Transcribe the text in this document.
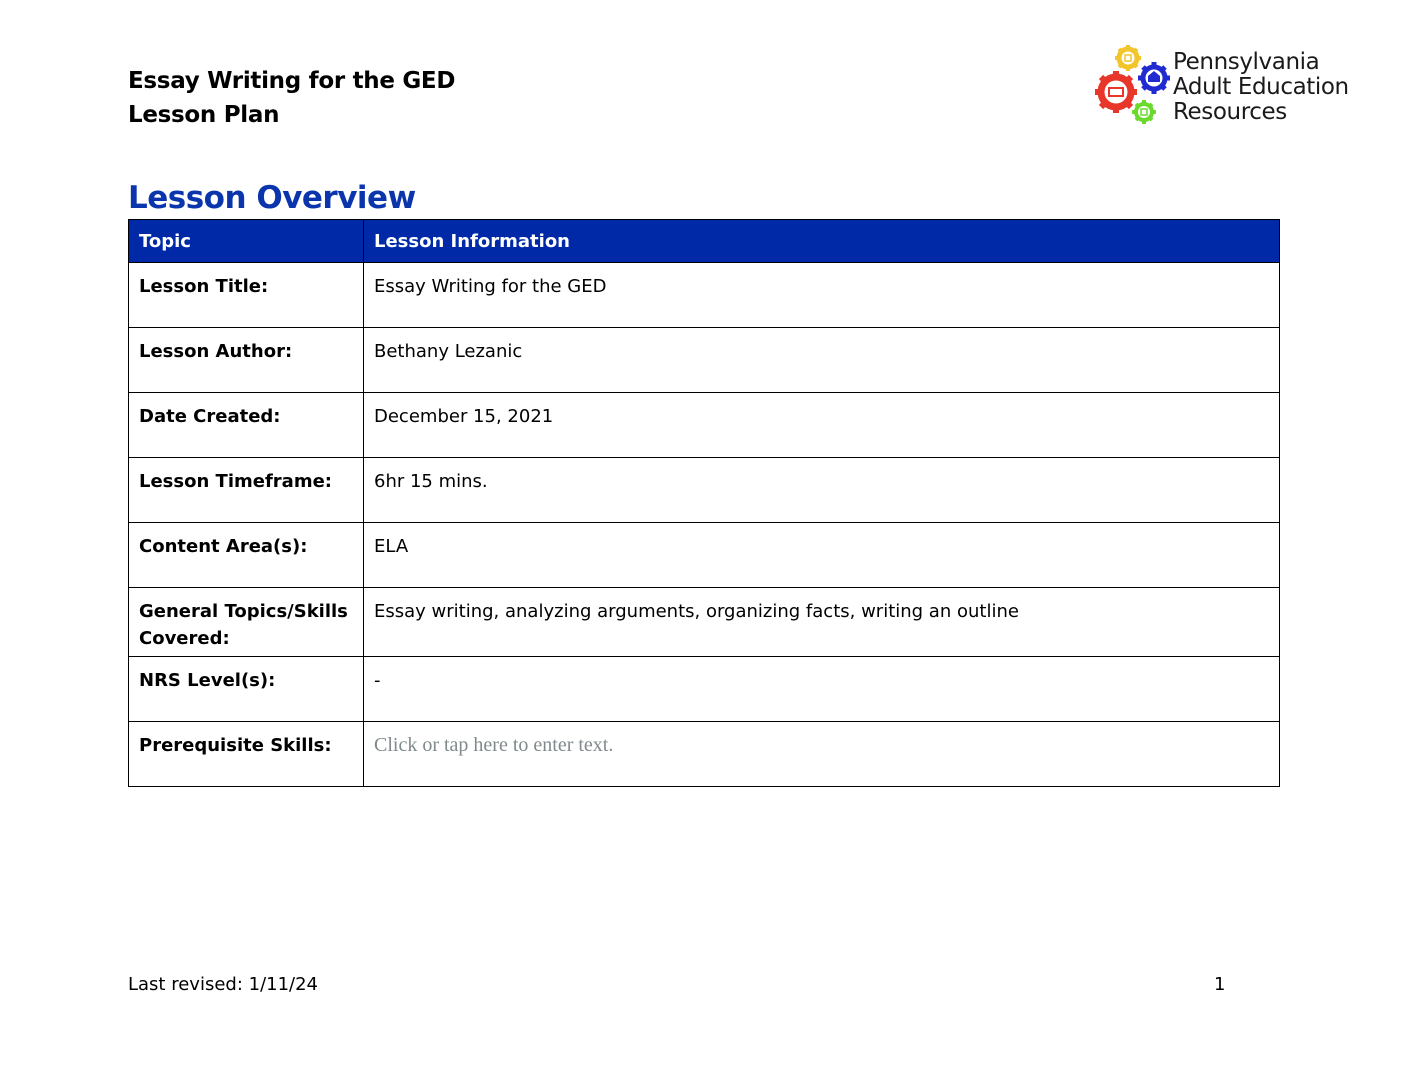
Essay Writing for the GED
Lesson Plan
Pennsylvania
Adult Education
Resources
Lesson Overview
Topic	Lesson Information
Lesson Title:	Essay Writing for the GED
Lesson Author:	Bethany Lezanic
Date Created:	December 15, 2021
Lesson Timeframe:	6hr 15 mins.
Content Area(s):	ELA
General Topics/Skills Covered:	Essay writing, analyzing arguments, organizing facts, writing an outline
NRS Level(s):	-
Prerequisite Skills:	Click or tap here to enter text.
Last revised: 1/11/24	1
